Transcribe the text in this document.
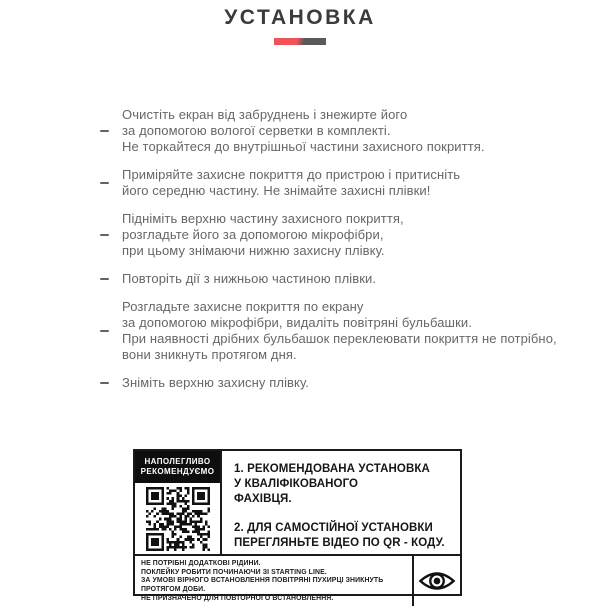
УСТАНОВКА
Очистіть екран від забруднень і знежирте його
за допомогою вологої серветки в комплекті.
Не торкайтеся до внутрішньої частини захисного покриття.
Приміряйте захисне покриття до пристрою і притисніть
його середню частину. Не знімайте захисні плівки!
Підніміть верхню частину захисного покриття,
розгладьте його за допомогою мікрофібри,
при цьому знімаючи нижню захисну плівку.
Повторіть дії з нижньою частиною плівки.
Розгладьте захисне покриття по екрану
за допомогою мікрофібри, видаліть повітряні бульбашки.
При наявності дрібних бульбашок переклеювати покриття не потрібно,
вони зникнуть протягом дня.
Зніміть верхню захисну плівку.
НАПОЛЕГЛИВО
РЕКОМЕНДУЄМО 1. РЕКОМЕНДОВАНА УСТАНОВКА
У КВАЛІФІКОВАНОГО
ФАХІВЦЯ.
2. ДЛЯ САМОСТІЙНОЇ УСТАНОВКИ
ПЕРЕГЛЯНЬТЕ ВІДЕО ПО QR - КОДУ.
НЕ ПОТРІБНІ ДОДАТКОВІ РІДИНИ.
ПОКЛЕЙКУ РОБИТИ ПОЧИНАЮЧИ ЗІ STARTING LINE.
ЗА УМОВІ ВІРНОГО ВСТАНОВЛЕННЯ ПОВІТРЯНІ ПУХИРЦІ ЗНИКНУТЬ ПРОТЯГОМ ДОБИ.
НЕ ПРИЗНАЧЕНО ДЛЯ ПОВТОРНОГО ВСТАНОВЛЕННЯ.
